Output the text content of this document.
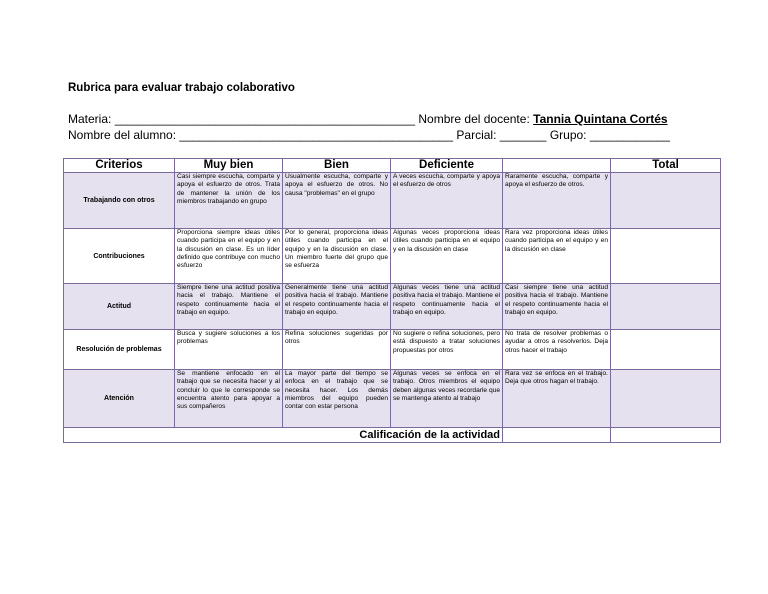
Rubrica para evaluar trabajo colaborativo
Materia: _____________________________________________ Nombre del docente: Tannia Quintana Cortés
Nombre del alumno: _________________________________________ Parcial: _______ Grupo: ____________
Criterios	Muy bien	Bien	Deficiente		Total
Trabajando con otros	Casi siempre escucha, comparte y apoya el esfuerzo de otros. Trata de mantener la unión de los miembros trabajando en grupo	Usualmente escucha, comparte y apoya el esfuerzo de otros. No causa "problemas" en el grupo	A veces escucha, comparte y apoya el esfuerzo de otros	Raramente escucha, comparte y apoya el esfuerzo de otros.	
Contribuciones	Proporciona siempre ideas útiles cuando participa en el equipo y en la discusión en clase. Es un líder definido que contribuye con mucho esfuerzo	Por lo general, proporciona ideas útiles cuando participa en el equipo y en la discusión en clase. Un miembro fuerte del grupo que se esfuerza	Algunas veces proporciona ideas útiles cuando participa en el equipo y en la discusión en clase	Rara vez proporciona ideas útiles cuando participa en el equipo y en la discusión en clase	
Actitud	Siempre tiene una actitud positiva hacia el trabajo. Mantiene el respeto continuamente hacia el trabajo en equipo.	Generalmente tiene una actitud positiva hacia el trabajo. Mantiene el respeto continuamente hacia el trabajo en equipo.	Algunas veces tiene una actitud positiva hacia el trabajo. Mantiene el respeto continuamente hacia el trabajo en equipo.	Casi siempre tiene una actitud positiva hacia el trabajo. Mantiene el respeto continuamente hacia el trabajo en equipo.	
Resolución de problemas	Busca y sugiere soluciones a los problemas	Refina soluciones sugeridas por otros	No sugiere o refina soluciones, pero está dispuesto a tratar soluciones propuestas por otros	No trata de resolver problemas o ayudar a otros a resolverlos. Deja otros hacer el trabajo	
Atención	Se mantiene enfocado en el trabajo que se necesita hacer y al concluir lo que le corresponde se encuentra atento para apoyar a sus compañeros	La mayor parte del tiempo se enfoca en el trabajo que se necesita hacer. Los demás miembros del equipo pueden contar con estar persona	Algunas veces se enfoca en el trabajo. Otros miembros el equipo deben algunas veces recordarle que se mantenga atento al trabajo	Rara vez se enfoca en el trabajo. Deja que otros hagan el trabajo.	
Calificación de la actividad					
